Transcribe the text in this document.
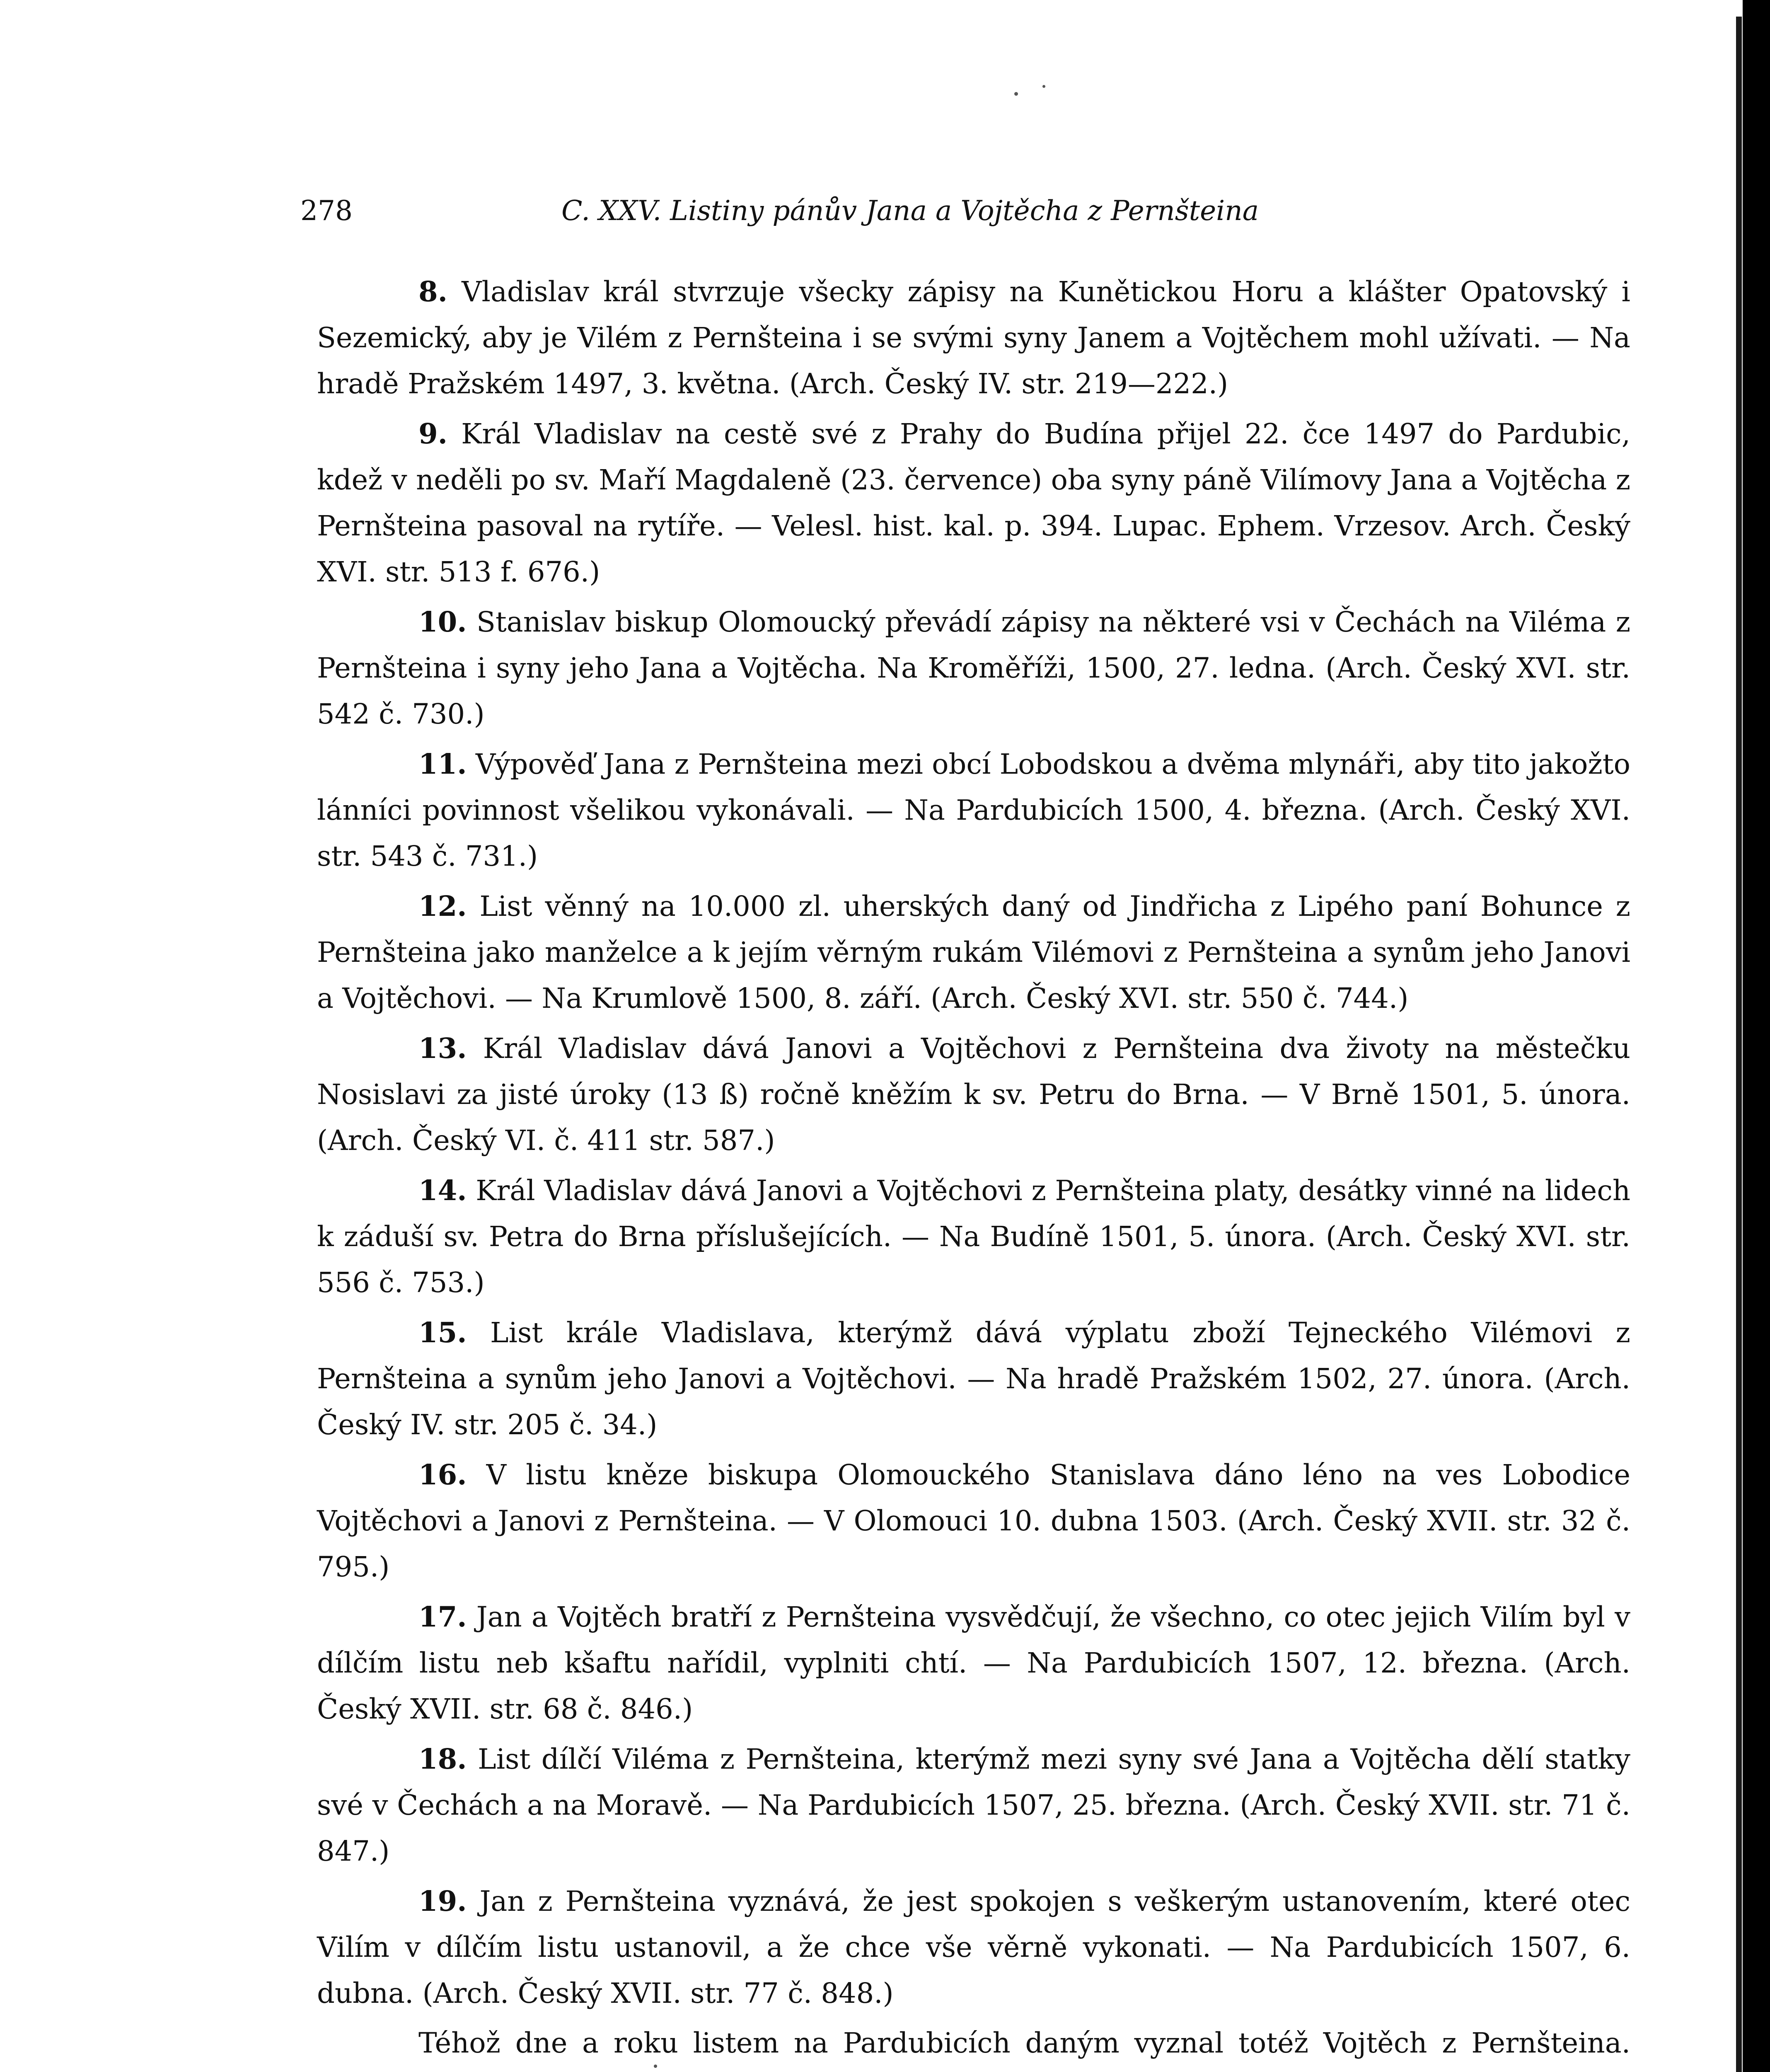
278	C. XXV. Listiny pánův Jana a Vojtěcha z Pernšteina

8. Vladislav král stvrzuje všecky zápisy na Kunětickou Horu a klášter Opatovský i Sezemický, aby je Vilém z Pernšteina i se svými syny Janem a Vojtěchem mohl užívati. — Na hradě Pražském 1497, 3. května. (Arch. Český IV. str. 219—222.)

9. Král Vladislav na cestě své z Prahy do Budína přijel 22. čce 1497 do Pardubic, kdež v neděli po sv. Maří Magdaleně (23. července) oba syny páně Vilímovy Jana a Vojtěcha z Pernšteina pasoval na rytíře. — Velesl. hist. kal. p. 394. Lupac. Ephem. Vrzesov. Arch. Český XVI. str. 513 f. 676.)

10. Stanislav biskup Olomoucký převádí zápisy na některé vsi v Čechách na Viléma z Pernšteina i syny jeho Jana a Vojtěcha. Na Kroměříži, 1500, 27. ledna. (Arch. Český XVI. str. 542 č. 730.)

11. Výpověď Jana z Pernšteina mezi obcí Lobodskou a dvěma mlynáři, aby tito jakožto lánníci povinnost všelikou vykonávali. — Na Pardubicích 1500, 4. března. (Arch. Český XVI. str. 543 č. 731.)

12. List věnný na 10.000 zl. uherských daný od Jindřicha z Lipého paní Bohunce z Pernšteina jako manželce a k jejím věrným rukám Vilémovi z Pernšteina a synům jeho Janovi a Vojtěchovi. — Na Krumlově 1500, 8. září. (Arch. Český XVI. str. 550 č. 744.)

13. Král Vladislav dává Janovi a Vojtěchovi z Pernšteina dva životy na městečku Nosislavi za jisté úroky (13 ß) ročně kněžím k sv. Petru do Brna. — V Brně 1501, 5. února. (Arch. Český VI. č. 411 str. 587.)

14. Král Vladislav dává Janovi a Vojtěchovi z Pernšteina platy, desátky vinné na lidech k záduší sv. Petra do Brna příslušejících. — Na Budíně 1501, 5. února. (Arch. Český XVI. str. 556 č. 753.)

15. List krále Vladislava, kterýmž dává výplatu zboží Tejneckého Vilémovi z Pernšteina a synům jeho Janovi a Vojtěchovi. — Na hradě Pražském 1502, 27. února. (Arch. Český IV. str. 205 č. 34.)

16. V listu kněze biskupa Olomouckého Stanislava dáno léno na ves Lobodice Vojtěchovi a Janovi z Pernšteina. — V Olomouci 10. dubna 1503. (Arch. Český XVII. str. 32 č. 795.)

17. Jan a Vojtěch bratří z Pernšteina vysvědčují, že všechno, co otec jejich Vilím byl v dílčím listu neb kšaftu nařídil, vyplniti chtí. — Na Pardubicích 1507, 12. března. (Arch. Český XVII. str. 68 č. 846.)

18. List dílčí Viléma z Pernšteina, kterýmž mezi syny své Jana a Vojtěcha dělí statky své v Čechách a na Moravě. — Na Pardubicích 1507, 25. března. (Arch. Český XVII. str. 71 č. 847.)

19. Jan z Pernšteina vyznává, že jest spokojen s veškerým ustanovením, které otec Vilím v dílčím listu ustanovil, a že chce vše věrně vykonati. — Na Pardubicích 1507, 6. dubna. (Arch. Český XVII. str. 77 č. 848.)

Téhož dne a roku listem na Pardubicích daným vyznal totéž Vojtěch z Pernšteina.
